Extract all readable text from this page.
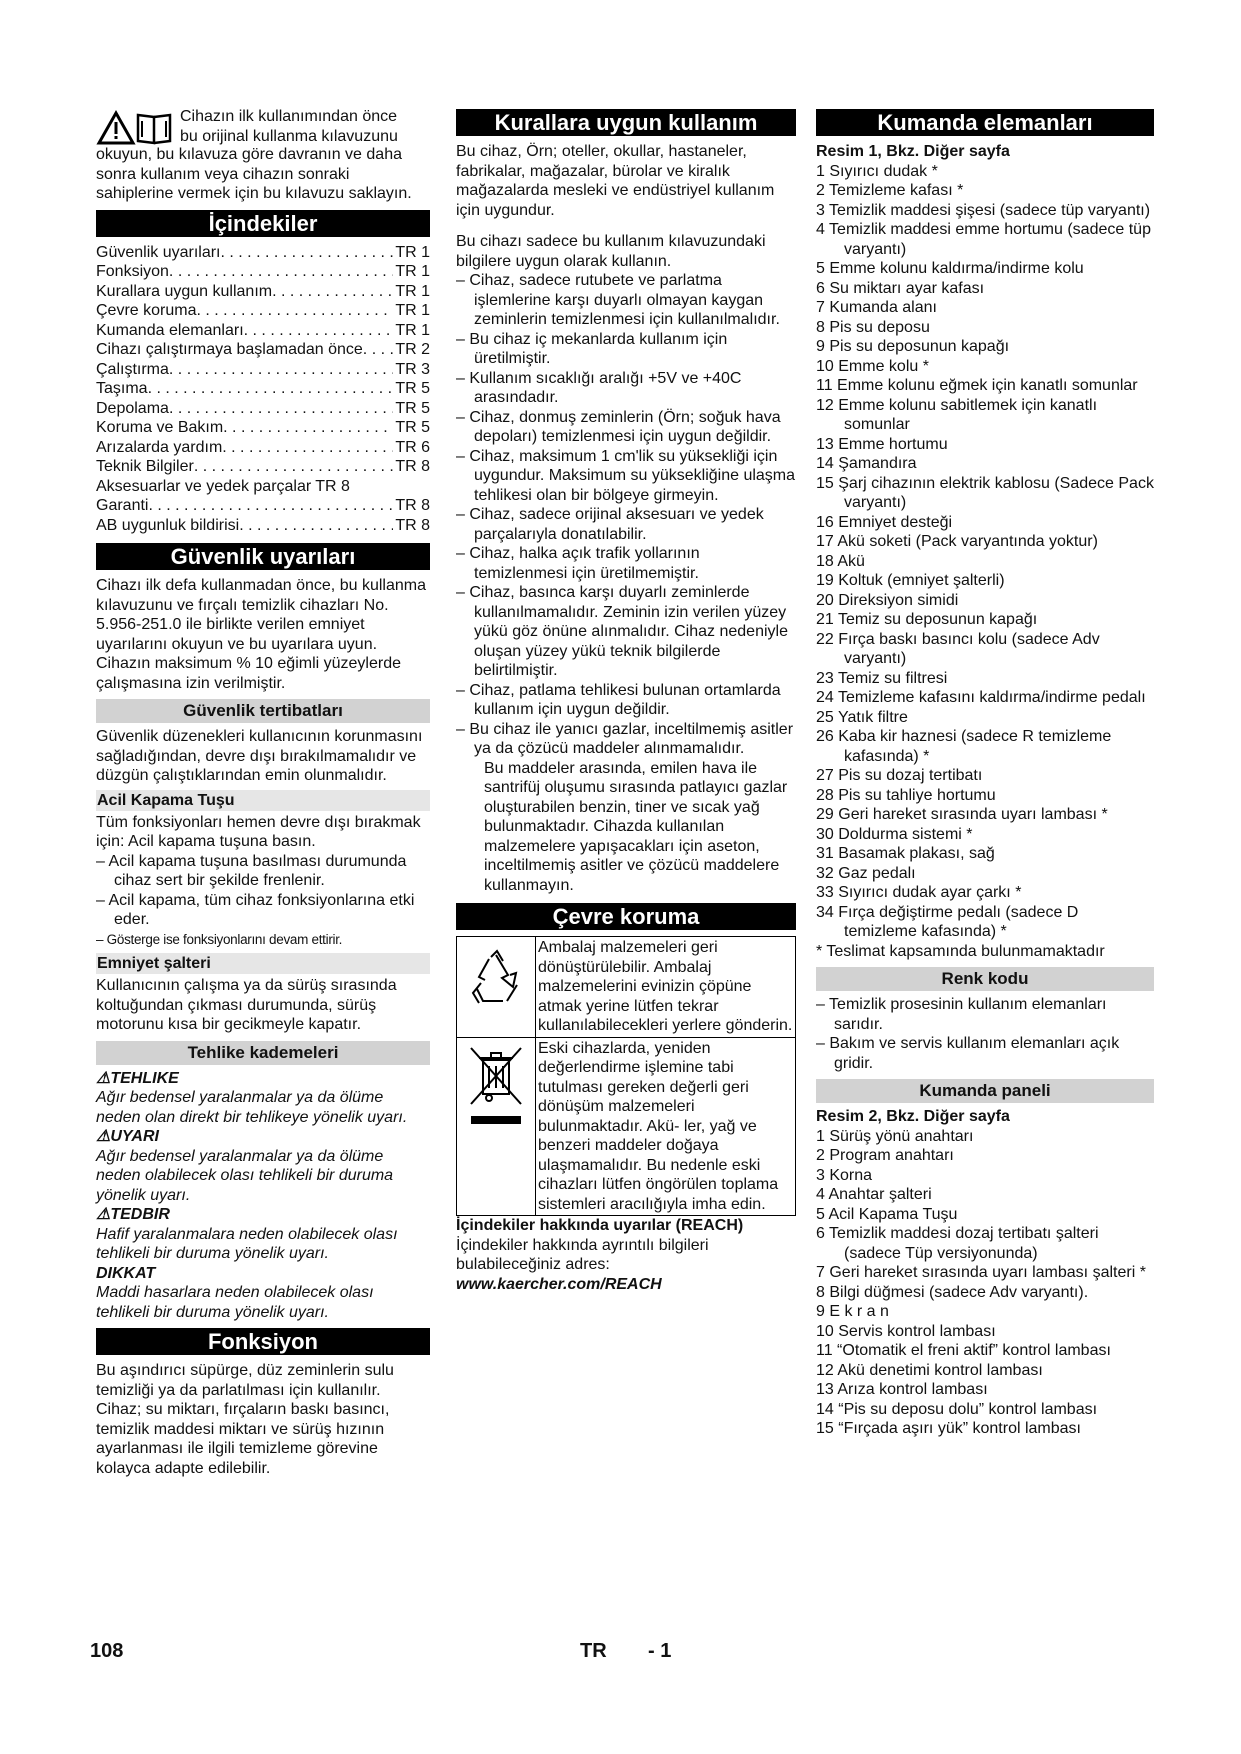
Cihazın ilk kullanımından önce

bu orijinal kullanma kılavuzunu

okuyun, bu kılavuza göre davranın ve daha sonra kullanım veya cihazın sonraki sahiplerine vermek için bu kılavuzu saklayın.

İçindekiler
Güvenlik uyarıları . . .	TR 1
Fonksiyon . . .	TR 1
Kurallara uygun kullanım . . .	TR 1
Çevre koruma . . .	TR 1
Kumanda elemanları . . .	TR 1
Cihazı çalıştırmaya başlamadan önce . . . TR 2
Çalıştırma . . .	TR 3
Taşıma . . .	TR 5
Depolama . . .	TR 5
Koruma ve Bakım . . .	TR 5
Arızalarda yardım . . .	TR 6
Teknik Bilgiler . . .	TR 8
Aksesuarlar ve yedek parçalar TR 8
Garanti . . .	TR 8
AB uygunluk bildirisi . . .	TR 8
Güvenlik uyarıları

Cihazı ilk defa kullanmadan önce, bu kullanma kılavuzunu ve fırçalı temizlik cihazları No. 5.956-251.0 ile birlikte verilen emniyet uyarılarını okuyun ve bu uyarılara uyun. Cihazın maksimum % 10 eğimli yüzeylerde çalışmasına izin verilmiştir.

Güvenlik tertibatları

Güvenlik düzenekleri kullanıcının korunmasını sağladığından, devre dışı bırakılmamalıdır ve düzgün çalıştıklarından emin olunmalıdır.

Acil Kapama Tuşu

Tüm fonksiyonları hemen devre dışı bırakmak için: Acil kapama tuşuna basın.

– Acil kapama tuşuna basılması durumunda cihaz sert bir şekilde frenlenir.

– Acil kapama, tüm cihaz fonksiyonlarına etki eder.

– Gösterge ise fonksiyonlarını devam ettirir.

Emniyet şalteri

Kullanıcının çalışma ya da sürüş sırasında koltuğundan çıkması durumunda, sürüş motorunu kısa bir gecikmeyle kapatır.

Tehlike kademeleri

⚠TEHLIKE

Ağır bedensel yaralanmalar ya da ölüme neden olan direkt bir tehlikeye yönelik uyarı.

⚠UYARI

Ağır bedensel yaralanmalar ya da ölüme neden olabilecek olası tehlikeli bir duruma yönelik uyarı.

⚠TEDBIR

Hafif yaralanmalara neden olabilecek olası tehlikeli bir duruma yönelik uyarı.

DIKKAT

Maddi hasarlara neden olabilecek olası tehlikeli bir duruma yönelik uyarı.

Fonksiyon

Bu aşındırıcı süpürge, düz zeminlerin sulu temizliği ya da parlatılması için kullanılır. Cihaz; su miktarı, fırçaların baskı basıncı, temizlik maddesi miktarı ve sürüş hızının ayarlanması ile ilgili temizleme görevine kolayca adapte edilebilir.

Kurallara uygun kullanım

Bu cihaz, Örn; oteller, okullar, hastaneler, fabrikalar, mağazalar, bürolar ve kiralık mağazalarda mesleki ve endüstriyel kullanım için uygundur.

Bu cihazı sadece bu kullanım kılavuzundaki bilgilere uygun olarak kullanın.

– Cihaz, sadece rutubete ve parlatma işlemlerine karşı duyarlı olmayan kaygan zeminlerin temizlenmesi için kullanılmalıdır.

– Bu cihaz iç mekanlarda kullanım için üretilmiştir.

– Kullanım sıcaklığı aralığı +5V ve +40C arasındadır.

– Cihaz, donmuş zeminlerin (Örn; soğuk hava depoları) temizlenmesi için uygun değildir.

– Cihaz, maksimum 1 cm'lik su yüksekliği için uygundur. Maksimum su yüksekliğine ulaşma tehlikesi olan bir bölgeye girmeyin.

– Cihaz, sadece orijinal aksesuarı ve yedek parçalarıyla donatılabilir.

– Cihaz, halka açık trafik yollarının temizlenmesi için üretilmemiştir.

– Cihaz, basınca karşı duyarlı zeminlerde kullanılmamalıdır. Zeminin izin verilen yüzey yükü göz önüne alınmalıdır. Cihaz nedeniyle oluşan yüzey yükü teknik bilgilerde belirtilmiştir.

– Cihaz, patlama tehlikesi bulunan ortamlarda kullanım için uygun değildir.

– Bu cihaz ile yanıcı gazlar, inceltilmemiş asitler ya da çözücü maddeler alınmamalıdır.

Bu maddeler arasında, emilen hava ile santrifüj oluşumu sırasında patlayıcı gazlar oluşturabilen benzin, tiner ve sıcak yağ bulunmaktadır. Cihazda kullanılan malzemelere yapışacakları için aseton, inceltilmemiş asitler ve çözücü maddelere kullanmayın.

Çevre koruma
	Ambalaj malzemeleri geri dönüştürülebilir. Ambalaj malzemelerini evinizin çöpüne atmak yerine lütfen tekrar kullanılabilecekleri yerlere gönderin.
	Eski cihazlarda, yeniden değerlendirme işlemine tabi tutulması gereken değerli geri dönüşüm malzemeleri bulunmaktadır. Akü- ler, yağ ve benzeri maddeler doğaya ulaşmamalıdır. Bu nedenle eski cihazları lütfen öngörülen toplama sistemleri aracılığıyla imha edin.

İçindekiler hakkında uyarılar (REACH)

İçindekiler hakkında ayrıntılı bilgileri bulabileceğiniz adres:

www.kaercher.com/REACH

Kumanda elemanları

Resim 1, Bkz. Diğer sayfa

1 Sıyırıcı dudak *

2 Temizleme kafası *

3 Temizlik maddesi şişesi (sadece tüp varyantı)

4 Temizlik maddesi emme hortumu (sadece tüp varyantı)

5 Emme kolunu kaldırma/indirme kolu

6 Su miktarı ayar kafası

7 Kumanda alanı

8 Pis su deposu

9 Pis su deposunun kapağı

10 Emme kolu *

11 Emme kolunu eğmek için kanatlı somunlar

12 Emme kolunu sabitlemek için kanatlı somunlar

13 Emme hortumu

14 Şamandıra

15 Şarj cihazının elektrik kablosu (Sadece Pack varyantı)

16 Emniyet desteği

17 Akü soketi (Pack varyantında yoktur)

18 Akü

19 Koltuk (emniyet şalterli)

20 Direksiyon simidi

21 Temiz su deposunun kapağı

22 Fırça baskı basıncı kolu (sadece Adv varyantı)

23 Temiz su filtresi

24 Temizleme kafasını kaldırma/indirme pedalı

25 Yatık filtre

26 Kaba kir haznesi (sadece R temizleme kafasında) *

27 Pis su dozaj tertibatı

28 Pis su tahliye hortumu

29 Geri hareket sırasında uyarı lambası *

30 Doldurma sistemi *

31 Basamak plakası, sağ

32 Gaz pedalı

33 Sıyırıcı dudak ayar çarkı *

34 Fırça değiştirme pedalı (sadece D temizleme kafasında) *

* Teslimat kapsamında bulunmamaktadır

Renk kodu

– Temizlik prosesinin kullanım elemanları sarıdır.

– Bakım ve servis kullanım elemanları açık gridir.

Kumanda paneli

Resim 2, Bkz. Diğer sayfa

1 Sürüş yönü anahtarı

2 Program anahtarı

3 Korna

4 Anahtar şalteri

5 Acil Kapama Tuşu

6 Temizlik maddesi dozaj tertibatı şalteri (sadece Tüp versiyonunda)

7 Geri hareket sırasında uyarı lambası şalteri *

8 Bilgi düğmesi (sadece Adv varyantı).

9 E k r a n

10 Servis kontrol lambası

11 “Otomatik el freni aktif” kontrol lambası

12 Akü denetimi kontrol lambası

13 Arıza kontrol lambası

14 “Pis su deposu dolu” kontrol lambası

15 “Fırçada aşırı yük” kontrol lambası

108	TR - 1
